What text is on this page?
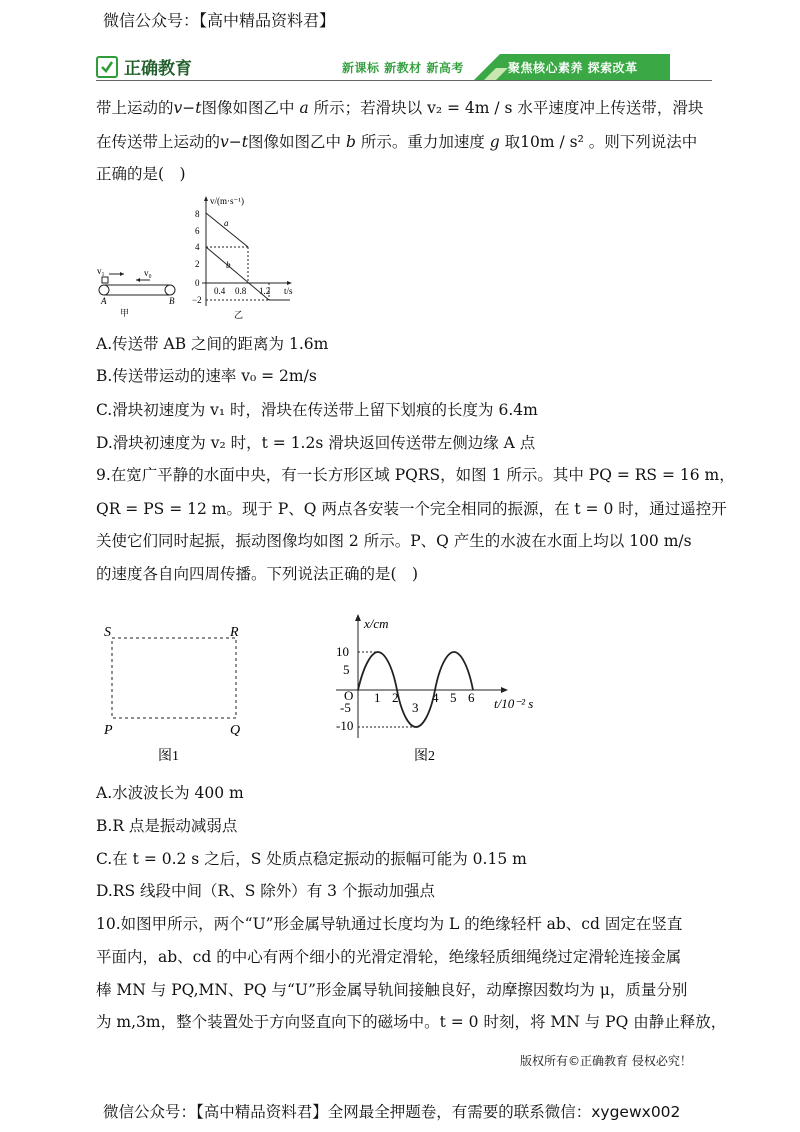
微信公众号：【高中精品资料君】
正确教育	新课标 新教材 新高考	聚焦核心素养 探索改革
带上运动的v−t图像如图乙中 a 所示；若滑块以 v₂ = 4m / s 水平速度冲上传送带，滑块
在传送带上运动的v−t图像如图乙中 b 所示。重力加速度 g 取10m / s² 。则下列说法中
正确的是(　)
v₁	v₀
A	B
甲
v/(m·s⁻¹)
t/s
8
6
4
2
0
−2
0.4 0.8 1.2
a
b
乙
A.传送带 AB 之间的距离为 1.6m
B.传送带运动的速率 v₀ = 2m/s
C.滑块初速度为 v₁ 时，滑块在传送带上留下划痕的长度为 6.4m
D.滑块初速度为 v₂ 时，t = 1.2s 滑块返回传送带左侧边缘 A 点
9.在宽广平静的水面中央，有一长方形区域 PQRS，如图 1 所示。其中 PQ = RS = 16 m，
QR = PS = 12 m。现于 P、Q 两点各安装一个完全相同的振源，在 t = 0 时，通过遥控开
关使它们同时起振，振动图像均如图 2 所示。P、Q 产生的水波在水面上均以 100 m/s
的速度各自向四周传播。下列说法正确的是(　)
S	R
P	Q
图1
x/cm
t/10⁻² s
10
5
O
-5
-10
1 2
3
4 5 6
图2
A.水波波长为 400 m
B.R 点是振动减弱点
C.在 t = 0.2 s 之后，S 处质点稳定振动的振幅可能为 0.15 m
D.RS 线段中间（R、S 除外）有 3 个振动加强点
10.如图甲所示，两个“U”形金属导轨通过长度均为 L 的绝缘轻杆 ab、cd 固定在竖直
平面内，ab、cd 的中心有两个细小的光滑定滑轮，绝缘轻质细绳绕过定滑轮连接金属
棒 MN 与 PQ,MN、PQ 与“U”形金属导轨间接触良好，动摩擦因数均为 μ，质量分别
为 m,3m，整个装置处于方向竖直向下的磁场中。t = 0 时刻，将 MN 与 PQ 由静止释放，
版权所有©正确教育 侵权必究！
微信公众号：【高中精品资料君】全网最全押题卷，有需要的联系微信：xygewx002
